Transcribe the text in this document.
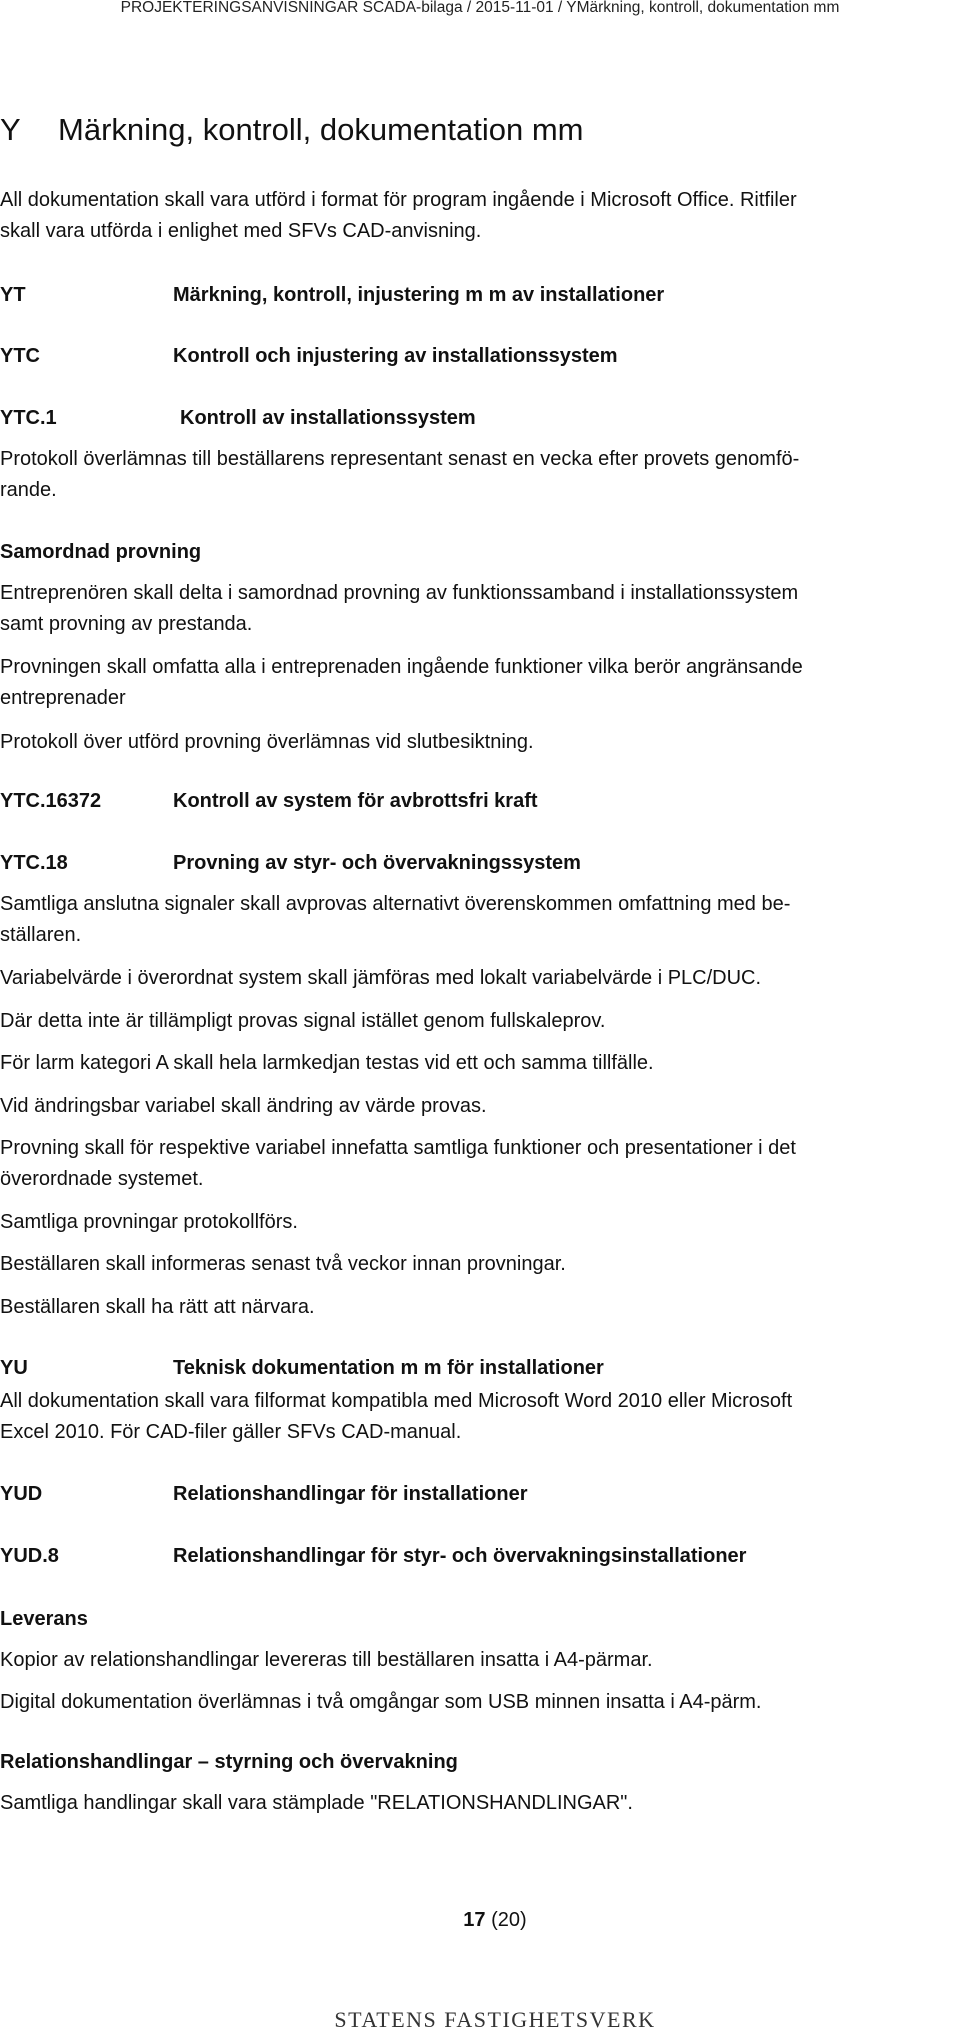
PROJEKTERINGSANVISNINGAR SCADA-bilaga / 2015-11-01 / YMärkning, kontroll, dokumentation mm
Y Märkning, kontroll, dokumentation mm
All dokumentation skall vara utförd i format för program ingående i Microsoft Office. Ritfiler
skall vara utförda i enlighet med SFVs CAD-anvisning.
YT	Märkning, kontroll, injustering m m av installationer
YTC	Kontroll och injustering av installationssystem
YTC.1	Kontroll av installationssystem
Protokoll överlämnas till beställarens representant senast en vecka efter provets genomfö-
rande.
Samordnad provning
Entreprenören skall delta i samordnad provning av funktionssamband i installationssystem
samt provning av prestanda.
Provningen skall omfatta alla i entreprenaden ingående funktioner vilka berör angränsande
entreprenader
Protokoll över utförd provning överlämnas vid slutbesiktning.
YTC.16372	Kontroll av system för avbrottsfri kraft
YTC.18	Provning av styr- och övervakningssystem
Samtliga anslutna signaler skall avprovas alternativt överenskommen omfattning med be-
ställaren.
Variabelvärde i överordnat system skall jämföras med lokalt variabelvärde i PLC/DUC.
Där detta inte är tillämpligt provas signal istället genom fullskaleprov.
För larm kategori A skall hela larmkedjan testas vid ett och samma tillfälle.
Vid ändringsbar variabel skall ändring av värde provas.
Provning skall för respektive variabel innefatta samtliga funktioner och presentationer i det
överordnade systemet.
Samtliga provningar protokollförs.
Beställaren skall informeras senast två veckor innan provningar.
Beställaren skall ha rätt att närvara.
YU	Teknisk dokumentation m m för installationer
All dokumentation skall vara filformat kompatibla med Microsoft Word 2010 eller Microsoft
Excel 2010. För CAD-filer gäller SFVs CAD-manual.
YUD	Relationshandlingar för installationer
YUD.8	Relationshandlingar för styr- och övervakningsinstallationer
Leverans
Kopior av relationshandlingar levereras till beställaren insatta i A4-pärmar.
Digital dokumentation överlämnas i två omgångar som USB minnen insatta i A4-pärm.
Relationshandlingar – styrning och övervakning
Samtliga handlingar skall vara stämplade "RELATIONSHANDLINGAR".
17 (20)
STATENS FASTIGHETSVERK
